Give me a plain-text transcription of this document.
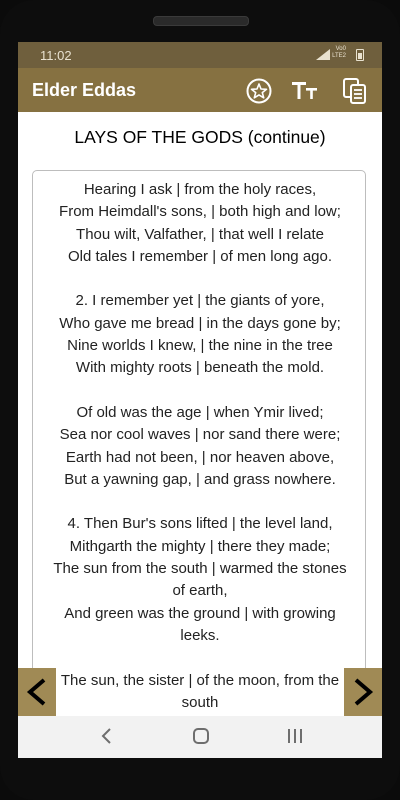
11:02	Vo0
LTE2
Elder Eddas
LAYS OF THE GODS (continue)
Hearing I ask | from the holy races,
From Heimdall's sons, | both high and low;
Thou wilt, Valfather, | that well I relate
Old tales I remember | of men long ago.

2. I remember yet | the giants of yore,
Who gave me bread | in the days gone by;
Nine worlds I knew, | the nine in the tree
With mighty roots | beneath the mold.

Of old was the age | when Ymir lived;
Sea nor cool waves | nor sand there were;
Earth had not been, | nor heaven above,
But a yawning gap, | and grass nowhere.

4. Then Bur's sons lifted | the level land,
Mithgarth the mighty | there they made;
The sun from the south | warmed the stones
of earth,
And green was the ground | with growing
leeks.

The sun, the sister | of the moon, from the
south
